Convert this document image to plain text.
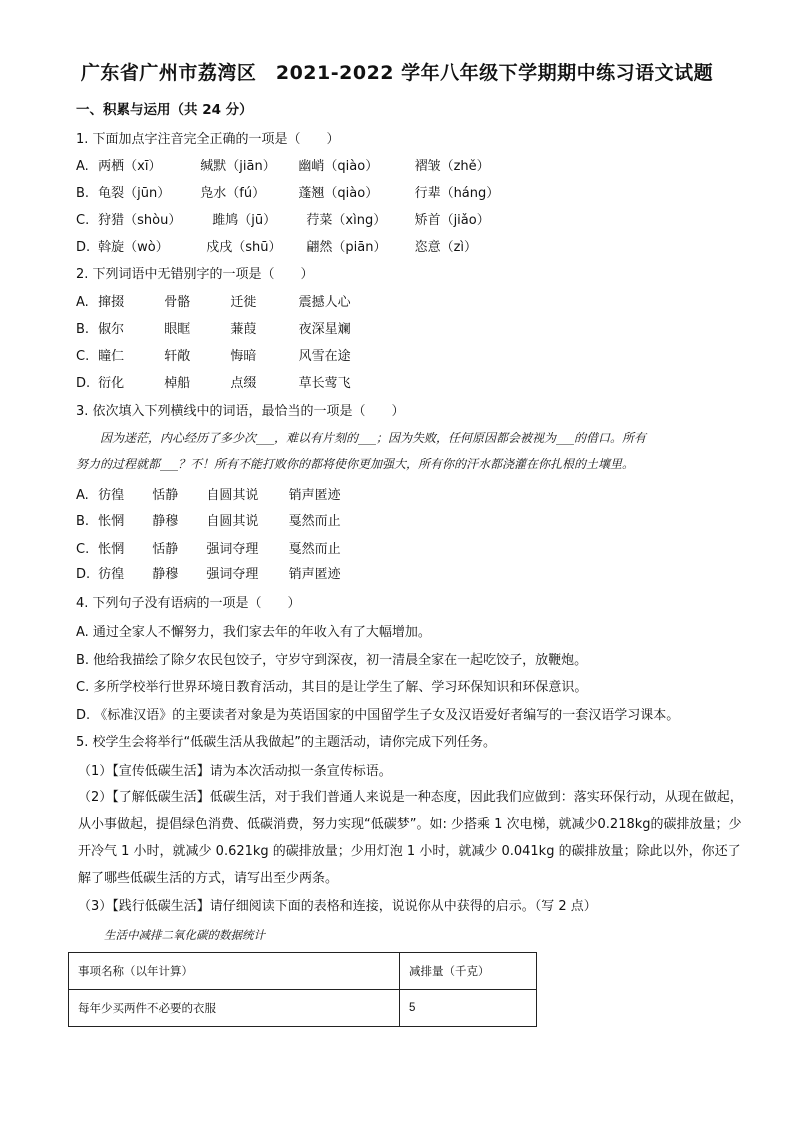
广东省广州市荔湾区　2021-2022 学年八年级下学期期中练习语文试题
一、积累与运用（共 24 分）
1. 下面加点字注音完全正确的一项是（　　）
A. 两栖（xī）	缄默（jiān） 幽峭（qiào）	褶皱（zhě）
B. 龟裂（jūn） 凫水（fú）	蓬翘（qiào）	行辈（háng）
C. 狩猎（shòu） 雎鸠（jū） 荇菜（xìng） 矫首（jiǎo）
D. 斡旋（wò）	戍戌（shū） 翩然（piān） 恣意（zì）
2. 下列词语中无错别字的一项是（　　）
A. 撺掇	骨骼	迁徙	震撼人心
B. 俶尔	眼眶	蒹葭	夜深星斓
C. 瞳仁	轩敞	悔暗	风雪在途
D. 衍化	棹船	点缀	草长莺飞
3. 依次填入下列横线中的词语，最恰当的一项是（　　）
　　因为迷茫，内心经历了多少次___，难以有片刻的___；因为失败，任何原因都会被视为___的借口。所有
努力的过程就都___？不！所有不能打败你的都将使你更加强大，所有你的汗水都浇灌在你扎根的土壤里。
A. 彷徨 恬静 自圆其说 销声匿迹
B. 怅惘 静穆 自圆其说 戛然而止
C. 怅惘 恬静 强词夺理 戛然而止
D. 彷徨 静穆 强词夺理 销声匿迹
4. 下列句子没有语病的一项是（　　）
A. 通过全家人不懈努力，我们家去年的年收入有了大幅增加。
B. 他给我描绘了除夕农民包饺子，守岁守到深夜，初一清晨全家在一起吃饺子，放鞭炮。
C. 多所学校举行世界环境日教育活动，其目的是让学生了解、学习环保知识和环保意识。
D. 《标准汉语》的主要读者对象是为英语国家的中国留学生子女及汉语爱好者编写的一套汉语学习课本。
5. 校学生会将举行“低碳生活从我做起”的主题活动，请你完成下列任务。
（1）【宣传低碳生活】请为本次活动拟一条宣传标语。
（2）【了解低碳生活】低碳生活，对于我们普通人来说是一种态度，因此我们应做到：落实环保行动，从现在做起，从小事做起，提倡绿色消费、低碳消费，努力实现“低碳梦”。如: 少搭乘 1 次电梯，就减少0.218kg的碳排放量；少开冷气 1 小时，就减少 0.621kg 的碳排放量；少用灯泡 1 小时，就减少 0.041kg 的碳排放量；除此以外，你还了解了哪些低碳生活的方式，请写出至少两条。
（3）【践行低碳生活】请仔细阅读下面的表格和连接，说说你从中获得的启示。（写 2 点）
生活中减排二氧化碳的数据统计
事项名称（以年计算）	减排量（千克）
每年少买两件不必要的衣服	5
